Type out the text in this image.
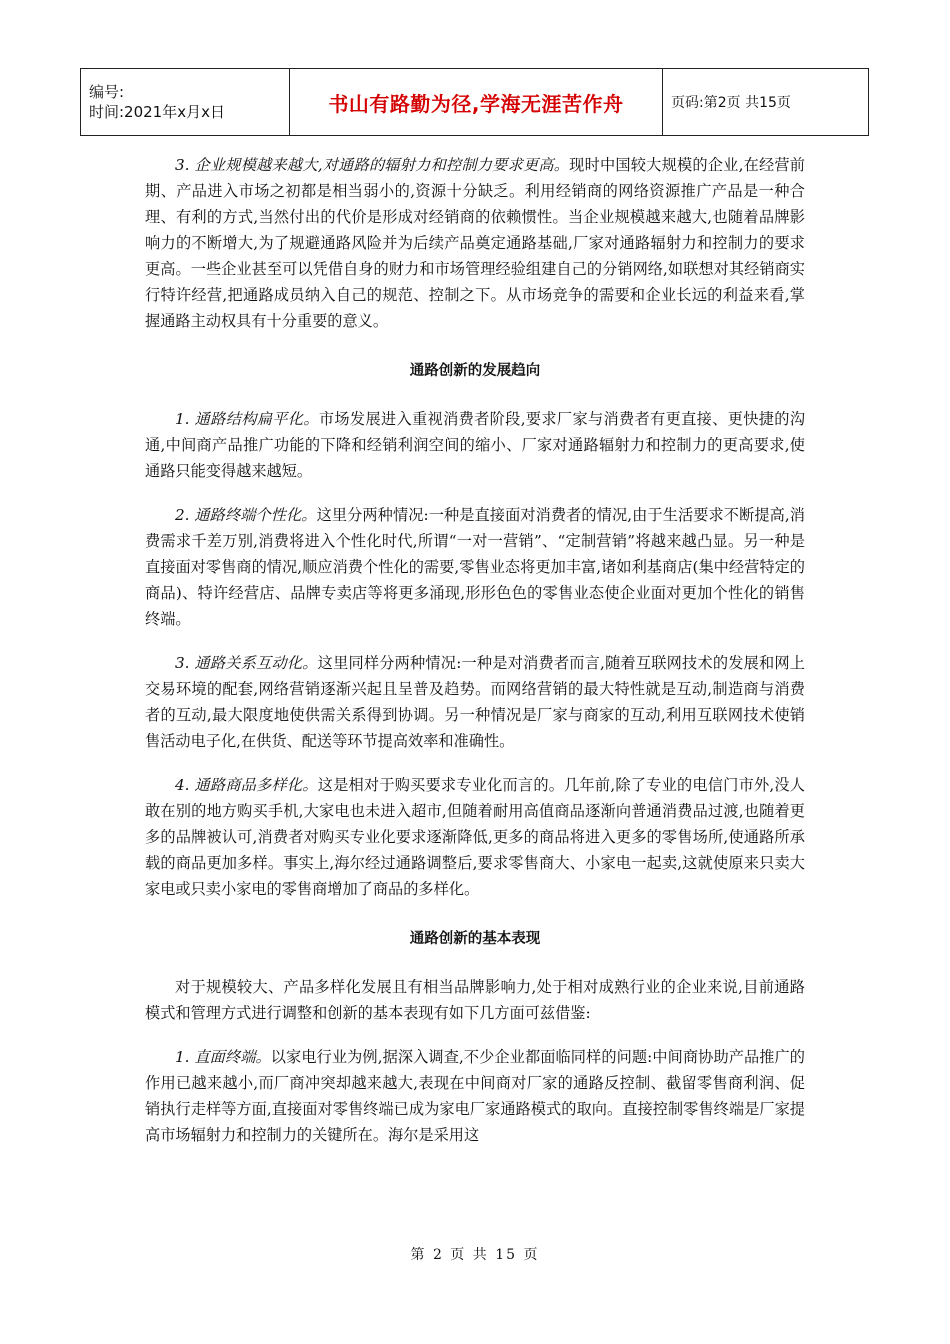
编号:
时间:2021年x月x日	书山有路勤为径,学海无涯苦作舟	页码:第2页 共15页

3. 企业规模越来越大,对通路的辐射力和控制力要求更高。现时中国较大规模的企业,在经营前期、产品进入市场之初都是相当弱小的,资源十分缺乏。利用经销商的网络资源推广产品是一种合理、有利的方式,当然付出的代价是形成对经销商的依赖惯性。当企业规模越来越大,也随着品牌影响力的不断增大,为了规避通路风险并为后续产品奠定通路基础,厂家对通路辐射力和控制力的要求更高。一些企业甚至可以凭借自身的财力和市场管理经验组建自己的分销网络,如联想对其经销商实行特许经营,把通路成员纳入自己的规范、控制之下。从市场竞争的需要和企业长远的利益来看,掌握通路主动权具有十分重要的意义。

通路创新的发展趋向

1. 通路结构扁平化。市场发展进入重视消费者阶段,要求厂家与消费者有更直接、更快捷的沟通,中间商产品推广功能的下降和经销利润空间的缩小、厂家对通路辐射力和控制力的更高要求,使通路只能变得越来越短。

2. 通路终端个性化。这里分两种情况:一种是直接面对消费者的情况,由于生活要求不断提高,消费需求千差万别,消费将进入个性化时代,所谓“一对一营销”、“定制营销”将越来越凸显。另一种是直接面对零售商的情况,顺应消费个性化的需要,零售业态将更加丰富,诸如利基商店(集中经营特定的商品)、特许经营店、品牌专卖店等将更多涌现,形形色色的零售业态使企业面对更加个性化的销售终端。

3. 通路关系互动化。这里同样分两种情况:一种是对消费者而言,随着互联网技术的发展和网上交易环境的配套,网络营销逐渐兴起且呈普及趋势。而网络营销的最大特性就是互动,制造商与消费者的互动,最大限度地使供需关系得到协调。另一种情况是厂家与商家的互动,利用互联网技术使销售活动电子化,在供货、配送等环节提高效率和准确性。

4. 通路商品多样化。这是相对于购买要求专业化而言的。几年前,除了专业的电信门市外,没人敢在别的地方购买手机,大家电也未进入超市,但随着耐用高值商品逐渐向普通消费品过渡,也随着更多的品牌被认可,消费者对购买专业化要求逐渐降低,更多的商品将进入更多的零售场所,使通路所承载的商品更加多样。事实上,海尔经过通路调整后,要求零售商大、小家电一起卖,这就使原来只卖大家电或只卖小家电的零售商增加了商品的多样化。

通路创新的基本表现

对于规模较大、产品多样化发展且有相当品牌影响力,处于相对成熟行业的企业来说,目前通路模式和管理方式进行调整和创新的基本表现有如下几方面可兹借鉴:

1. 直面终端。以家电行业为例,据深入调查,不少企业都面临同样的问题:中间商协助产品推广的作用已越来越小,而厂商冲突却越来越大,表现在中间商对厂家的通路反控制、截留零售商利润、促销执行走样等方面,直接面对零售终端已成为家电厂家通路模式的取向。直接控制零售终端是厂家提高市场辐射力和控制力的关键所在。海尔是采用这

第 2 页 共 15 页
